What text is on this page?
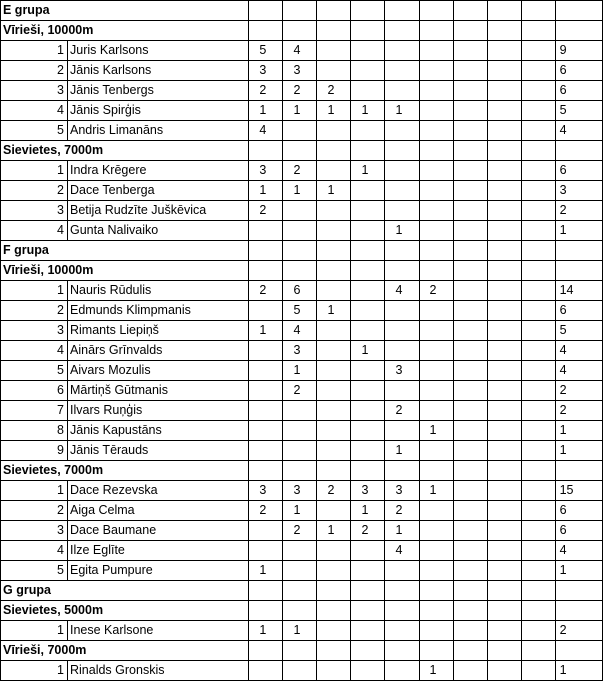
E grupa											
Vīrieši, 10000m											
1	Juris Karlsons	5	4								9
2	Jānis Karlsons	3	3								6
3	Jānis Tenbergs	2	2	2							6
4	Jānis Spirģis	1	1	1	1	1					5
5	Andris Limanāns	4									4
Sievietes, 7000m											
1	Indra Krēgere	3	2		1						6
2	Dace Tenberga	1	1	1							3
3	Betija Rudzīte Juškēvica	2									2
4	Gunta Nalivaiko					1					1
F grupa											
Vīrieši, 10000m											
1	Nauris Rūdulis	2	6			4	2				14
2	Edmunds Klimpmanis		5	1							6
3	Rimants Liepiņš	1	4								5
4	Ainārs Grīnvalds		3		1						4
5	Aivars Mozulis		1			3					4
6	Mārtiņš Gūtmanis		2								2
7	Ilvars Ruņģis					2					2
8	Jānis Kapustāns						1				1
9	Jānis Tērauds					1					1
Sievietes, 7000m											
1	Dace Rezevska	3	3	2	3	3	1				15
2	Aiga Celma	2	1		1	2					6
3	Dace Baumane		2	1	2	1					6
4	Ilze Eglīte					4					4
5	Egita Pumpure	1									1
G grupa											
Sievietes, 5000m											
1	Inese Karlsone	1	1								2
Vīrieši, 7000m											
1	Rinalds Gronskis						1				1
